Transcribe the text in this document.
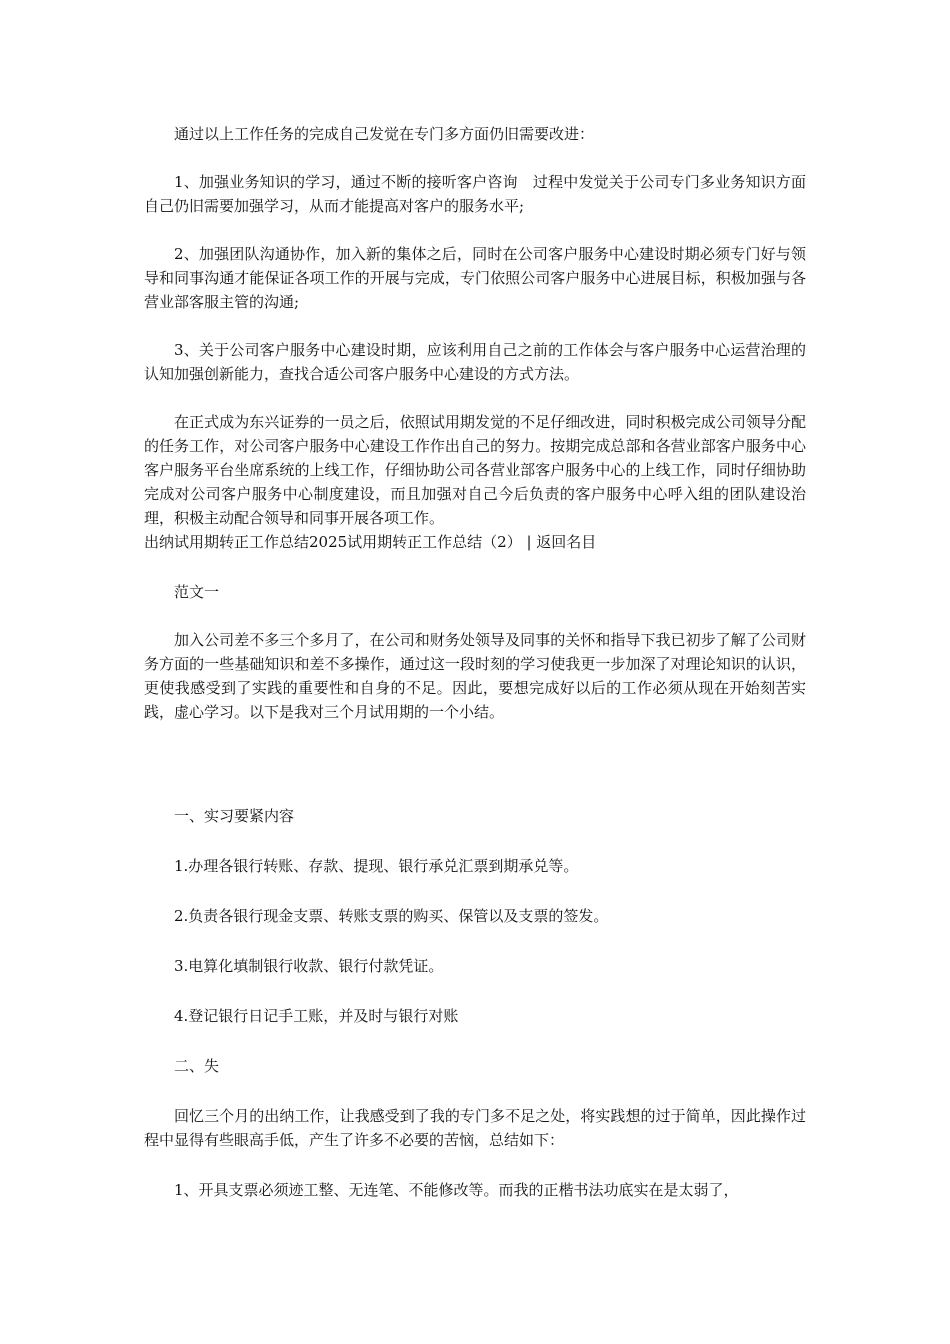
通过以上工作任务的完成自己发觉在专门多方面仍旧需要改进：

1、加强业务知识的学习，通过不断的接听客户咨询　过程中发觉关于公司专门多业务知识方面自己仍旧需要加强学习，从而才能提高对客户的服务水平;

2、加强团队沟通协作，加入新的集体之后，同时在公司客户服务中心建设时期必须专门好与领导和同事沟通才能保证各项工作的开展与完成，专门依照公司客户服务中心进展目标，积极加强与各营业部客服主管的沟通;

3、关于公司客户服务中心建设时期，应该利用自己之前的工作体会与客户服务中心运营治理的认知加强创新能力，查找合适公司客户服务中心建设的方式方法。

在正式成为东兴证券的一员之后，依照试用期发觉的不足仔细改进，同时积极完成公司领导分配的任务工作，对公司客户服务中心建设工作作出自己的努力。按期完成总部和各营业部客户服务中心客户服务平台坐席系统的上线工作，仔细协助公司各营业部客户服务中心的上线工作，同时仔细协助完成对公司客户服务中心制度建设，而且加强对自己今后负责的客户服务中心呼入组的团队建设治理，积极主动配合领导和同事开展各项工作。

出纳试用期转正工作总结2025试用期转正工作总结（2） | 返回名目

范文一

加入公司差不多三个多月了，在公司和财务处领导及同事的关怀和指导下我已初步了解了公司财务方面的一些基础知识和差不多操作，通过这一段时刻的学习使我更一步加深了对理论知识的认识，更使我感受到了实践的重要性和自身的不足。因此，要想完成好以后的工作必须从现在开始刻苦实践，虚心学习。以下是我对三个月试用期的一个小结。

一、实习要紧内容

1.办理各银行转账、存款、提现、银行承兑汇票到期承兑等。

2.负责各银行现金支票、转账支票的购买、保管以及支票的签发。

3.电算化填制银行收款、银行付款凭证。

4.登记银行日记手工账，并及时与银行对账

二、失

回忆三个月的出纳工作，让我感受到了我的专门多不足之处，将实践想的过于简单，因此操作过程中显得有些眼高手低，产生了许多不必要的苦恼，总结如下：

1、开具支票必须迹工整、无连笔、不能修改等。而我的正楷书法功底实在是太弱了，
